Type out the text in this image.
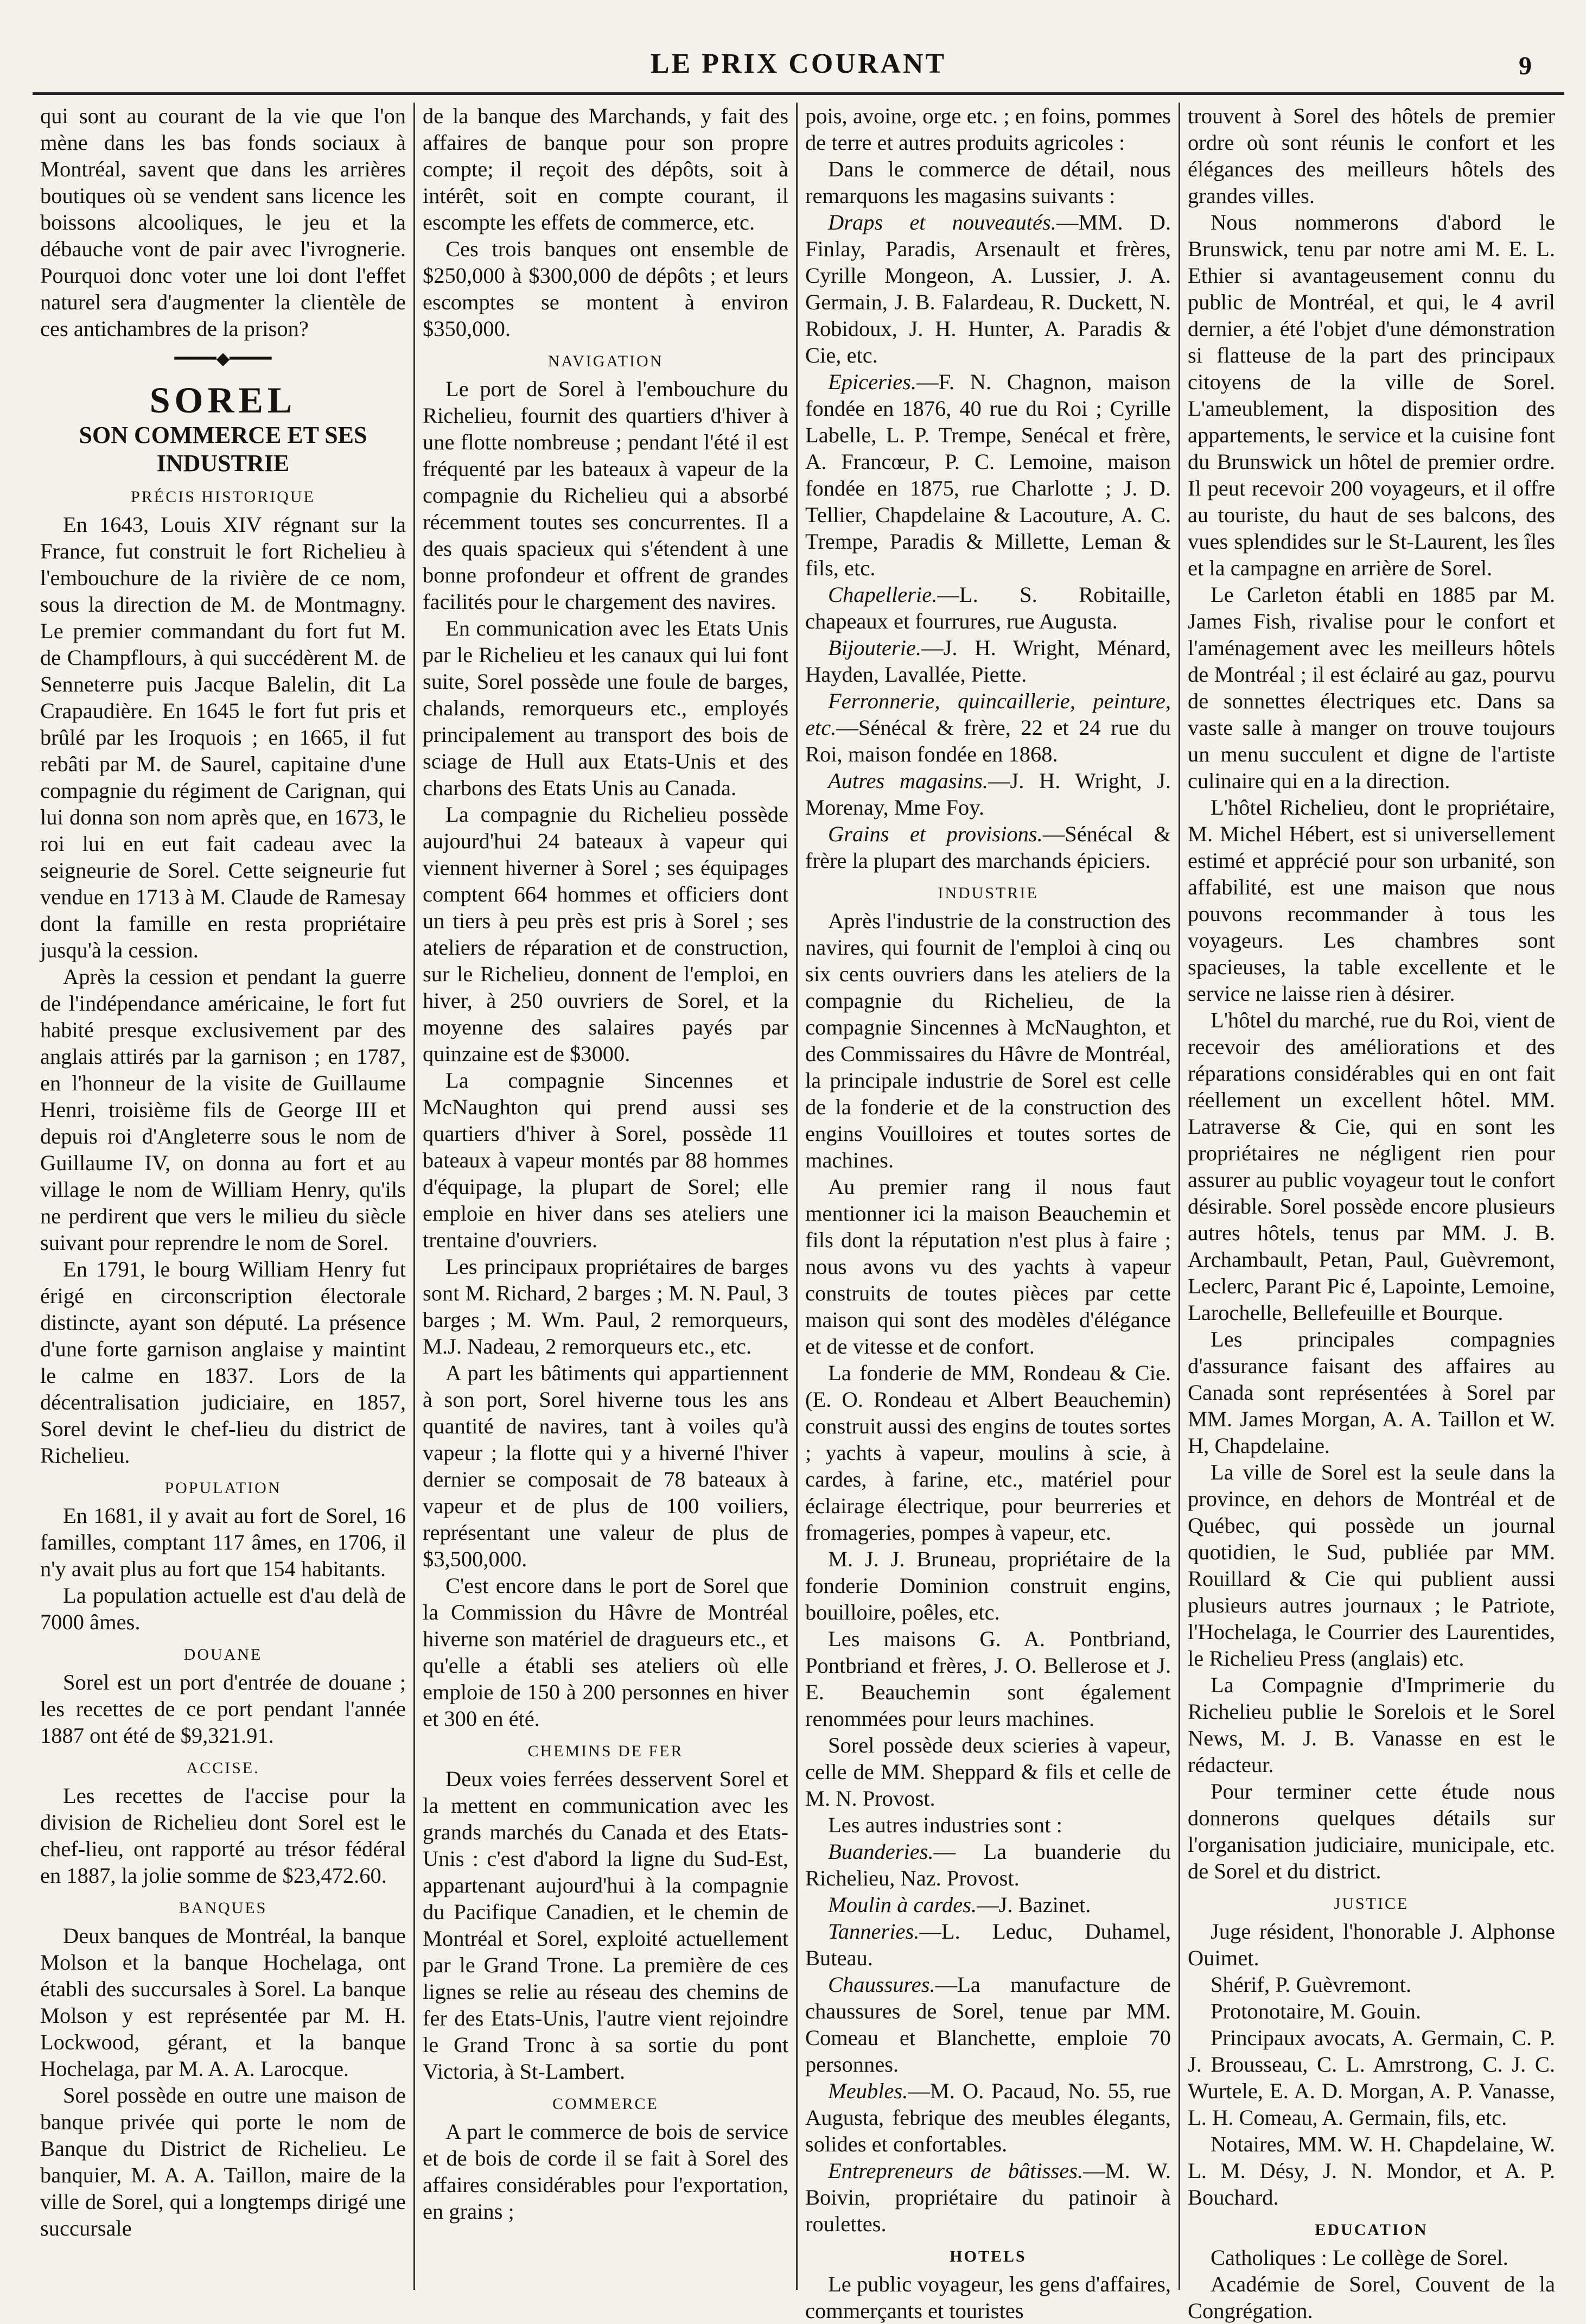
LE PRIX COURANT	9

qui sont au courant de la vie que l'on mène dans les bas fonds sociaux à Montréal, savent que dans les arrières boutiques où se vendent sans licence les boissons alcooliques, le jeu et la débauche vont de pair avec l'ivrognerie. Pourquoi donc voter une loi dont l'effet naturel sera d'augmenter la clientèle de ces antichambres de la prison?

━━━━◆━━━━
SOREL
SON COMMERCE ET SES INDUSTRIE
PRÉCIS HISTORIQUE

En 1643, Louis XIV régnant sur la France, fut construit le fort Richelieu à l'embouchure de la rivière de ce nom, sous la direction de M. de Montmagny. Le premier commandant du fort fut M. de Champflours, à qui succédèrent M. de Senneterre puis Jacque Balelin, dit La Crapaudière. En 1645 le fort fut pris et brûlé par les Iroquois ; en 1665, il fut rebâti par M. de Saurel, capitaine d'une compagnie du régiment de Carignan, qui lui donna son nom après que, en 1673, le roi lui en eut fait cadeau avec la seigneurie de Sorel. Cette seigneurie fut vendue en 1713 à M. Claude de Ramesay dont la famille en resta propriétaire jusqu'à la cession.

Après la cession et pendant la guerre de l'indépendance américaine, le fort fut habité presque exclusivement par des anglais attirés par la garnison ; en 1787, en l'honneur de la visite de Guillaume Henri, troisième fils de George III et depuis roi d'Angleterre sous le nom de Guillaume IV, on donna au fort et au village le nom de William Henry, qu'ils ne perdirent que vers le milieu du siècle suivant pour reprendre le nom de Sorel.

En 1791, le bourg William Henry fut érigé en circonscription électorale distincte, ayant son député. La présence d'une forte garnison anglaise y maintint le calme en 1837. Lors de la décentralisation judiciaire, en 1857, Sorel devint le chef-lieu du district de Richelieu.

POPULATION

En 1681, il y avait au fort de Sorel, 16 familles, comptant 117 âmes, en 1706, il n'y avait plus au fort que 154 habitants.

La population actuelle est d'au delà de 7000 âmes.

DOUANE

Sorel est un port d'entrée de douane ; les recettes de ce port pendant l'année 1887 ont été de $9,321.91.

ACCISE.

Les recettes de l'accise pour la division de Richelieu dont Sorel est le chef-lieu, ont rapporté au trésor fédéral en 1887, la jolie somme de $23,472.60.

BANQUES

Deux banques de Montréal, la banque Molson et la banque Hochelaga, ont établi des succursales à Sorel. La banque Molson y est représentée par M. H. Lockwood, gérant, et la banque Hochelaga, par M. A. A. Larocque.

Sorel possède en outre une maison de banque privée qui porte le nom de Banque du District de Richelieu. Le banquier, M. A. A. Taillon, maire de la ville de Sorel, qui a longtemps dirigé une succursale

de la banque des Marchands, y fait des affaires de banque pour son propre compte; il reçoit des dépôts, soit à intérêt, soit en compte courant, il escompte les effets de commerce, etc.

Ces trois banques ont ensemble de $250,000 à $300,000 de dépôts ; et leurs escomptes se montent à environ $350,000.

NAVIGATION

Le port de Sorel à l'embouchure du Richelieu, fournit des quartiers d'hiver à une flotte nombreuse ; pendant l'été il est fréquenté par les bateaux à vapeur de la compagnie du Richelieu qui a absorbé récemment toutes ses concurrentes. Il a des quais spacieux qui s'étendent à une bonne profondeur et offrent de grandes facilités pour le chargement des navires.

En communication avec les Etats Unis par le Richelieu et les canaux qui lui font suite, Sorel possède une foule de barges, chalands, remorqueurs etc., employés principalement au transport des bois de sciage de Hull aux Etats-Unis et des charbons des Etats Unis au Canada.

La compagnie du Richelieu possède aujourd'hui 24 bateaux à vapeur qui viennent hiverner à Sorel ; ses équipages comptent 664 hommes et officiers dont un tiers à peu près est pris à Sorel ; ses ateliers de réparation et de construction, sur le Richelieu, donnent de l'emploi, en hiver, à 250 ouvriers de Sorel, et la moyenne des salaires payés par quinzaine est de $3000.

La compagnie Sincennes et McNaughton qui prend aussi ses quartiers d'hiver à Sorel, possède 11 bateaux à vapeur montés par 88 hommes d'équipage, la plupart de Sorel; elle emploie en hiver dans ses ateliers une trentaine d'ouvriers.

Les principaux propriétaires de barges sont M. Richard, 2 barges ; M. N. Paul, 3 barges ; M. Wm. Paul, 2 remorqueurs, M.J. Nadeau, 2 remorqueurs etc., etc.

A part les bâtiments qui appartiennent à son port, Sorel hiverne tous les ans quantité de navires, tant à voiles qu'à vapeur ; la flotte qui y a hiverné l'hiver dernier se composait de 78 bateaux à vapeur et de plus de 100 voiliers, représentant une valeur de plus de $3,500,000.

C'est encore dans le port de Sorel que la Commission du Hâvre de Montréal hiverne son matériel de dragueurs etc., et qu'elle a établi ses ateliers où elle emploie de 150 à 200 personnes en hiver et 300 en été.

CHEMINS DE FER

Deux voies ferrées desservent Sorel et la mettent en communication avec les grands marchés du Canada et des Etats-Unis : c'est d'abord la ligne du Sud-Est, appartenant aujourd'hui à la compagnie du Pacifique Canadien, et le chemin de Montréal et Sorel, exploité actuellement par le Grand Trone. La première de ces lignes se relie au réseau des chemins de fer des Etats-Unis, l'autre vient rejoindre le Grand Tronc à sa sortie du pont Victoria, à St-Lambert.

COMMERCE

A part le commerce de bois de service et de bois de corde il se fait à Sorel des affaires considérables pour l'exportation, en grains ;

pois, avoine, orge etc. ; en foins, pommes de terre et autres produits agricoles :

Dans le commerce de détail, nous remarquons les magasins suivants :

Draps et nouveautés.—MM. D. Finlay, Paradis, Arsenault et frères, Cyrille Mongeon, A. Lussier, J. A. Germain, J. B. Falardeau, R. Duckett, N. Robidoux, J. H. Hunter, A. Paradis & Cie, etc.

Epiceries.—F. N. Chagnon, maison fondée en 1876, 40 rue du Roi ; Cyrille Labelle, L. P. Trempe, Senécal et frère, A. Francœur, P. C. Lemoine, maison fondée en 1875, rue Charlotte ; J. D. Tellier, Chapdelaine & Lacouture, A. C. Trempe, Paradis & Millette, Leman & fils, etc.

Chapellerie.—L. S. Robitaille, chapeaux et fourrures, rue Augusta.

Bijouterie.—J. H. Wright, Ménard, Hayden, Lavallée, Piette.

Ferronnerie, quincaillerie, peinture, etc.—Sénécal & frère, 22 et 24 rue du Roi, maison fondée en 1868.

Autres magasins.—J. H. Wright, J. Morenay, Mme Foy.

Grains et provisions.—Sénécal & frère la plupart des marchands épiciers.

INDUSTRIE

Après l'industrie de la construction des navires, qui fournit de l'emploi à cinq ou six cents ouvriers dans les ateliers de la compagnie du Richelieu, de la compagnie Sincennes à McNaughton, et des Commissaires du Hâvre de Montréal, la principale industrie de Sorel est celle de la fonderie et de la construction des engins Vouilloires et toutes sortes de machines.

Au premier rang il nous faut mentionner ici la maison Beauchemin et fils dont la réputation n'est plus à faire ; nous avons vu des yachts à vapeur construits de toutes pièces par cette maison qui sont des modèles d'élégance et de vitesse et de confort.

La fonderie de MM, Rondeau & Cie. (E. O. Rondeau et Albert Beauchemin) construit aussi des engins de toutes sortes ; yachts à vapeur, moulins à scie, à cardes, à farine, etc., matériel pour éclairage électrique, pour beurreries et fromageries, pompes à vapeur, etc.

M. J. J. Bruneau, propriétaire de la fonderie Dominion construit engins, bouilloire, poêles, etc.

Les maisons G. A. Pontbriand, Pontbriand et frères, J. O. Bellerose et J. E. Beauchemin sont également renommées pour leurs machines.

Sorel possède deux scieries à vapeur, celle de MM. Sheppard & fils et celle de M. N. Provost.

Les autres industries sont :

Buanderies.— La buanderie du Richelieu, Naz. Provost.

Moulin à cardes.—J. Bazinet.

Tanneries.—L. Leduc, Duhamel, Buteau.

Chaussures.—La manufacture de chaussures de Sorel, tenue par MM. Comeau et Blanchette, emploie 70 personnes.

Meubles.—M. O. Pacaud, No. 55, rue Augusta, febrique des meubles élegants, solides et confortables.

Entrepreneurs de bâtisses.—M. W. Boivin, propriétaire du patinoir à roulettes.

HOTELS

Le public voyageur, les gens d'affaires, commerçants et touristes

trouvent à Sorel des hôtels de premier ordre où sont réunis le confort et les élégances des meilleurs hôtels des grandes villes.

Nous nommerons d'abord le Brunswick, tenu par notre ami M. E. L. Ethier si avantageusement connu du public de Montréal, et qui, le 4 avril dernier, a été l'objet d'une démonstration si flatteuse de la part des principaux citoyens de la ville de Sorel. L'ameublement, la disposition des appartements, le service et la cuisine font du Brunswick un hôtel de premier ordre. Il peut recevoir 200 voyageurs, et il offre au touriste, du haut de ses balcons, des vues splendides sur le St-Laurent, les îles et la campagne en arrière de Sorel.

Le Carleton établi en 1885 par M. James Fish, rivalise pour le confort et l'aménagement avec les meilleurs hôtels de Montréal ; il est éclairé au gaz, pourvu de sonnettes électriques etc. Dans sa vaste salle à manger on trouve toujours un menu succulent et digne de l'artiste culinaire qui en a la direction.

L'hôtel Richelieu, dont le propriétaire, M. Michel Hébert, est si universellement estimé et apprécié pour son urbanité, son affabilité, est une maison que nous pouvons recommander à tous les voyageurs. Les chambres sont spacieuses, la table excellente et le service ne laisse rien à désirer.

L'hôtel du marché, rue du Roi, vient de recevoir des améliorations et des réparations considérables qui en ont fait réellement un excellent hôtel. MM. Latraverse & Cie, qui en sont les propriétaires ne négligent rien pour assurer au public voyageur tout le confort désirable. Sorel possède encore plusieurs autres hôtels, tenus par MM. J. B. Archambault, Petan, Paul, Guèvremont, Leclerc, Parant Pic é, Lapointe, Lemoine, Larochelle, Bellefeuille et Bourque.

Les principales compagnies d'assurance faisant des affaires au Canada sont représentées à Sorel par MM. James Morgan, A. A. Taillon et W. H, Chapdelaine.

La ville de Sorel est la seule dans la province, en dehors de Montréal et de Québec, qui possède un journal quotidien, le Sud, publiée par MM. Rouillard & Cie qui publient aussi plusieurs autres journaux ; le Patriote, l'Hochelaga, le Courrier des Laurentides, le Richelieu Press (anglais) etc.

La Compagnie d'Imprimerie du Richelieu publie le Sorelois et le Sorel News, M. J. B. Vanasse en est le rédacteur.

Pour terminer cette étude nous donnerons quelques détails sur l'organisation judiciaire, municipale, etc. de Sorel et du district.

JUSTICE

Juge résident, l'honorable J. Alphonse Ouimet.

Shérif, P. Guèvremont.

Protonotaire, M. Gouin.

Principaux avocats, A. Germain, C. P. J. Brousseau, C. L. Amrstrong, C. J. C. Wurtele, E. A. D. Morgan, A. P. Vanasse, L. H. Comeau, A. Germain, fils, etc.

Notaires, MM. W. H. Chapdelaine, W. L. M. Désy, J. N. Mondor, et A. P. Bouchard.

EDUCATION

Catholiques : Le collège de Sorel.

Académie de Sorel, Couvent de la Congrégation.
